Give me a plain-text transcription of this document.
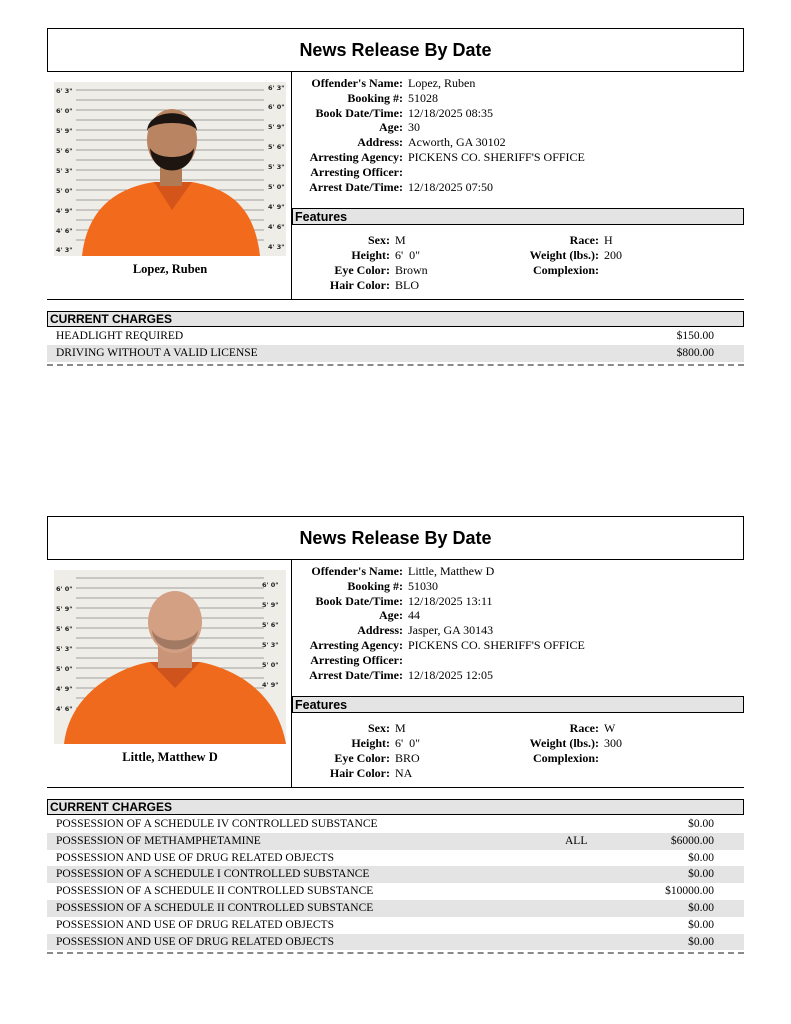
News Release By Date
6' 3"
6' 0"
5' 9"
5' 6"
5' 3"
5' 0"
4' 9"
4' 6"
4' 3"
6' 3"
6' 0"
5' 9"
5' 6"
5' 3"
5' 0"
4' 9"
4' 6"
4' 3"
Lopez, Ruben
Offender's Name: Lopez, Ruben
Booking #: 51028
Book Date/Time: 12/18/2025 08:35
Age: 30
Address: Acworth, GA 30102
Arresting Agency: PICKENS CO. SHERIFF'S OFFICE
Arresting Officer:
Arrest Date/Time: 12/18/2025 07:50
Features
Sex: M
Height: 6'  0"
Eye Color: Brown
Hair Color: BLO
Race: H
Weight (lbs.): 200
Complexion:
CURRENT CHARGES
HEADLIGHT REQUIRED	$150.00
DRIVING WITHOUT A VALID LICENSE	$800.00
News Release By Date
6' 0"
5' 9"
5' 6"
5' 3"
5' 0"
4' 9"
4' 6"
6' 0"
5' 9"
5' 6"
5' 3"
5' 0"
4' 9"
Little, Matthew D
Offender's Name: Little, Matthew D
Booking #: 51030
Book Date/Time: 12/18/2025 13:11
Age: 44
Address: Jasper, GA 30143
Arresting Agency: PICKENS CO. SHERIFF'S OFFICE
Arresting Officer:
Arrest Date/Time: 12/18/2025 12:05
Features
Sex: M
Height: 6'  0"
Eye Color: BRO
Hair Color: NA
Race: W
Weight (lbs.): 300
Complexion:
CURRENT CHARGES
POSSESSION OF A SCHEDULE IV CONTROLLED SUBSTANCE	$0.00
POSSESSION OF METHAMPHETAMINE	ALL	$6000.00
POSSESSION AND USE OF DRUG RELATED OBJECTS	$0.00
POSSESSION OF A SCHEDULE I CONTROLLED SUBSTANCE	$0.00
POSSESSION OF A SCHEDULE II CONTROLLED SUBSTANCE	$10000.00
POSSESSION OF A SCHEDULE II CONTROLLED SUBSTANCE	$0.00
POSSESSION AND USE OF DRUG RELATED OBJECTS	$0.00
POSSESSION AND USE OF DRUG RELATED OBJECTS	$0.00
